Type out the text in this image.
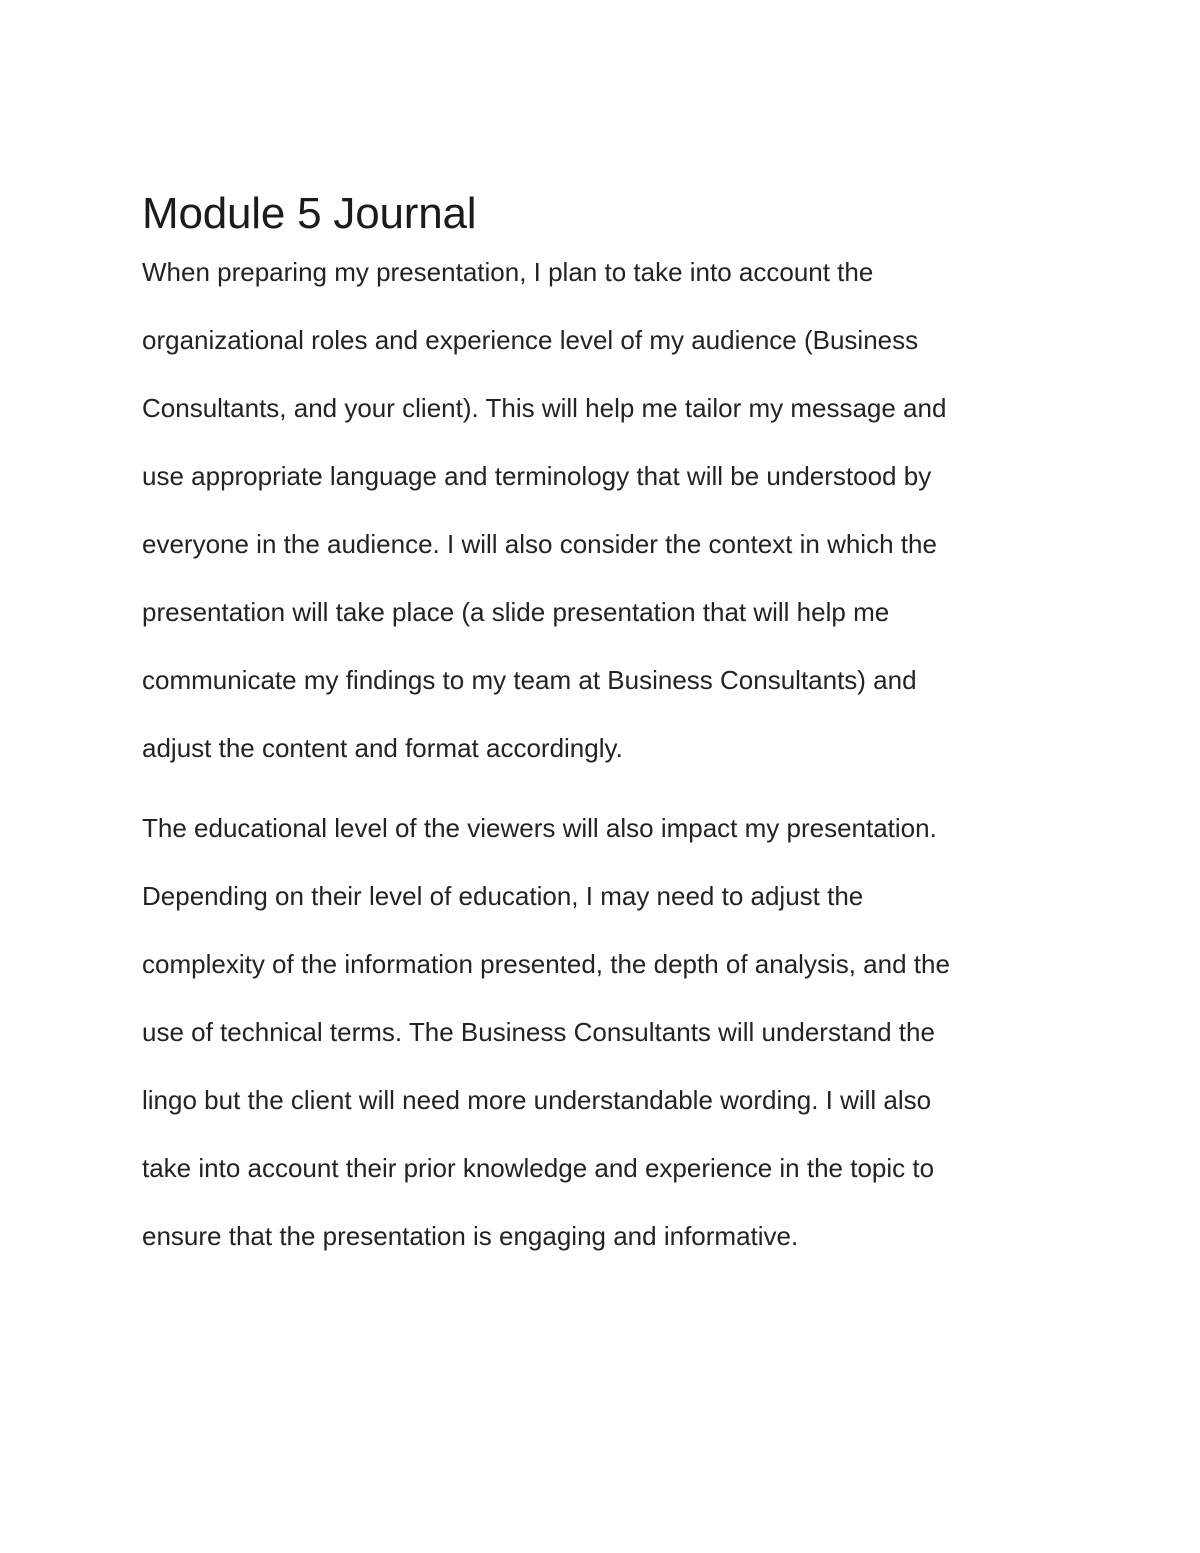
Module 5 Journal
When preparing my presentation, I plan to take into account the
organizational roles and experience level of my audience (Business
Consultants, and your client). This will help me tailor my message and
use appropriate language and terminology that will be understood by
everyone in the audience. I will also consider the context in which the
presentation will take place (a slide presentation that will help me
communicate my findings to my team at Business Consultants) and
adjust the content and format accordingly.
The educational level of the viewers will also impact my presentation.
Depending on their level of education, I may need to adjust the
complexity of the information presented, the depth of analysis, and the
use of technical terms. The Business Consultants will understand the
lingo but the client will need more understandable wording. I will also
take into account their prior knowledge and experience in the topic to
ensure that the presentation is engaging and informative.
